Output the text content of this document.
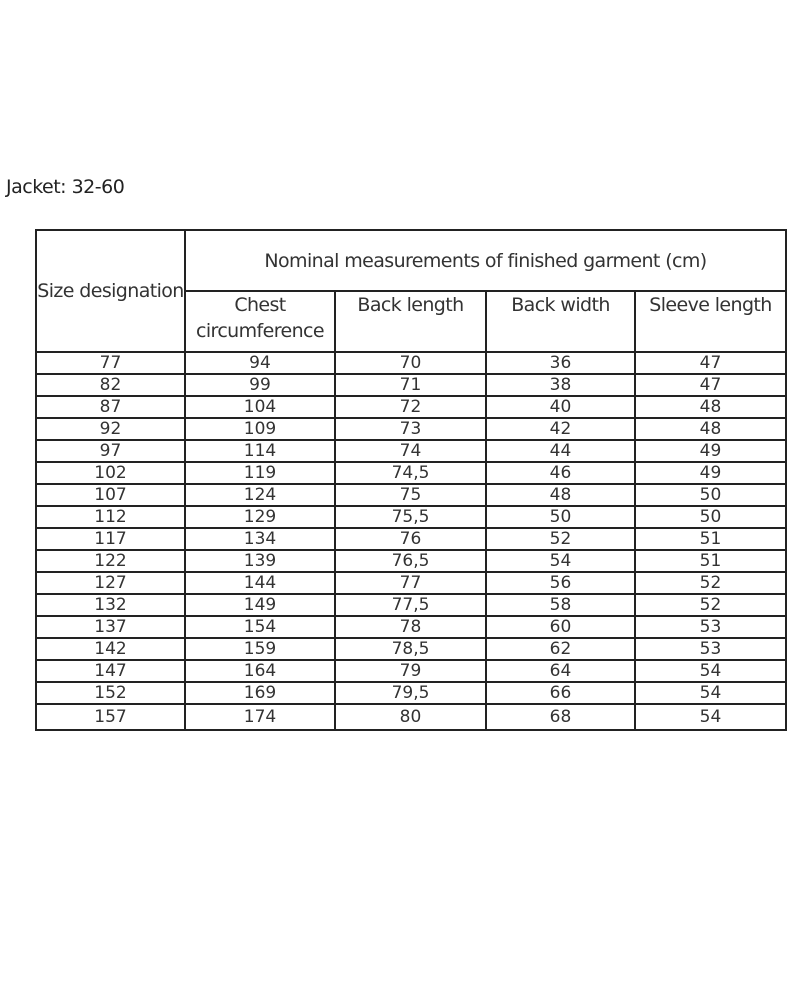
Jacket: 32-60
Size designation	Nominal measurements of finished garment (cm)			
	Chest circumference	Back length	Back width	Sleeve length
77	94	70	36	47
82	99	71	38	47
87	104	72	40	48
92	109	73	42	48
97	114	74	44	49
102	119	74,5	46	49
107	124	75	48	50
112	129	75,5	50	50
117	134	76	52	51
122	139	76,5	54	51
127	144	77	56	52
132	149	77,5	58	52
137	154	78	60	53
142	159	78,5	62	53
147	164	79	64	54
152	169	79,5	66	54
157	174	80	68	54
